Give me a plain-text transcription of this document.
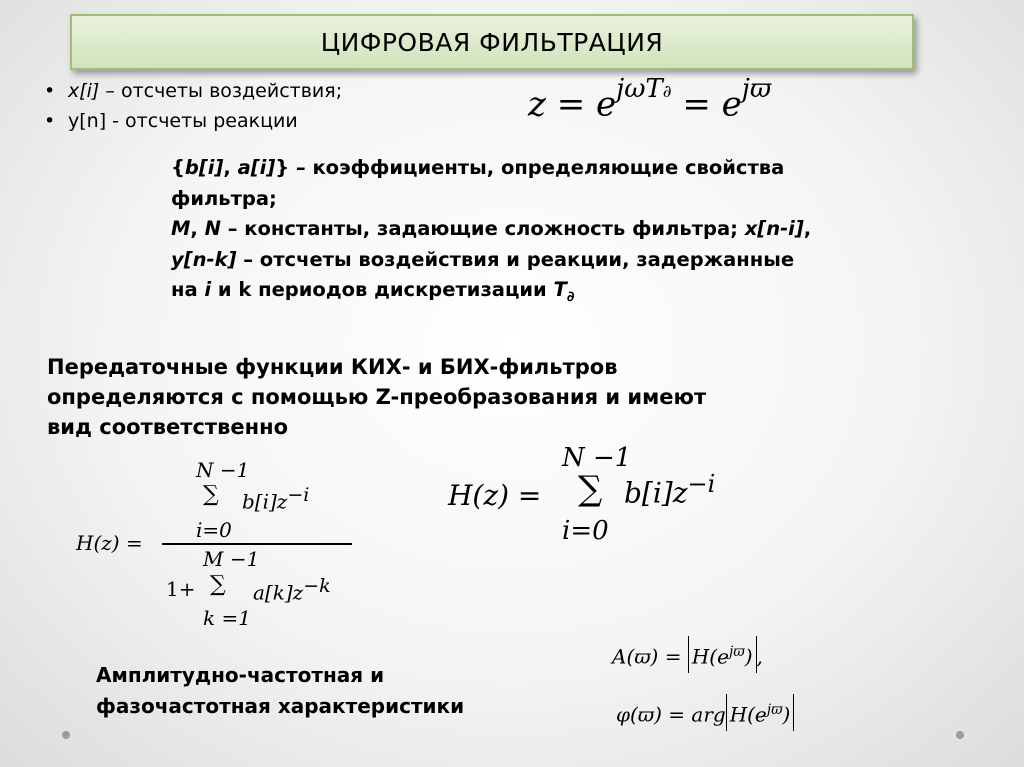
ЦИФРОВАЯ ФИЛЬТРАЦИЯ
• x[i] – отсчеты воздействия;
• y[n] - отсчеты реакции	$z = e^{j\omega T\partial} = e^{jϖ}$
{b[i], a[i]} – коэффициенты, определяющие свойства
фильтра;
M, N – константы, задающие сложность фильтра; x[n-i],
y[n-k] – отсчеты воздействия и реакции, задержанные
на i и k периодов дискретизации $T_\partial$
Передаточные функции КИХ- и БИХ-фильтров
определяются с помощью Z-преобразования и имеют
вид соответственно
N −1
∑ $b[i]z^{-i}$
i=0
H(z) =
M −1
1+ ∑ $a[k]z^{-k}$
k =1
N −1
H(z) = ∑ $b[i]z^{-i}$
i=0
Амплитудно-частотная и
фазочастотная характеристики
$A(ϖ) = H(e^{jϖ})$ ,
φ(ϖ) = arg $H(e^{jϖ})$
